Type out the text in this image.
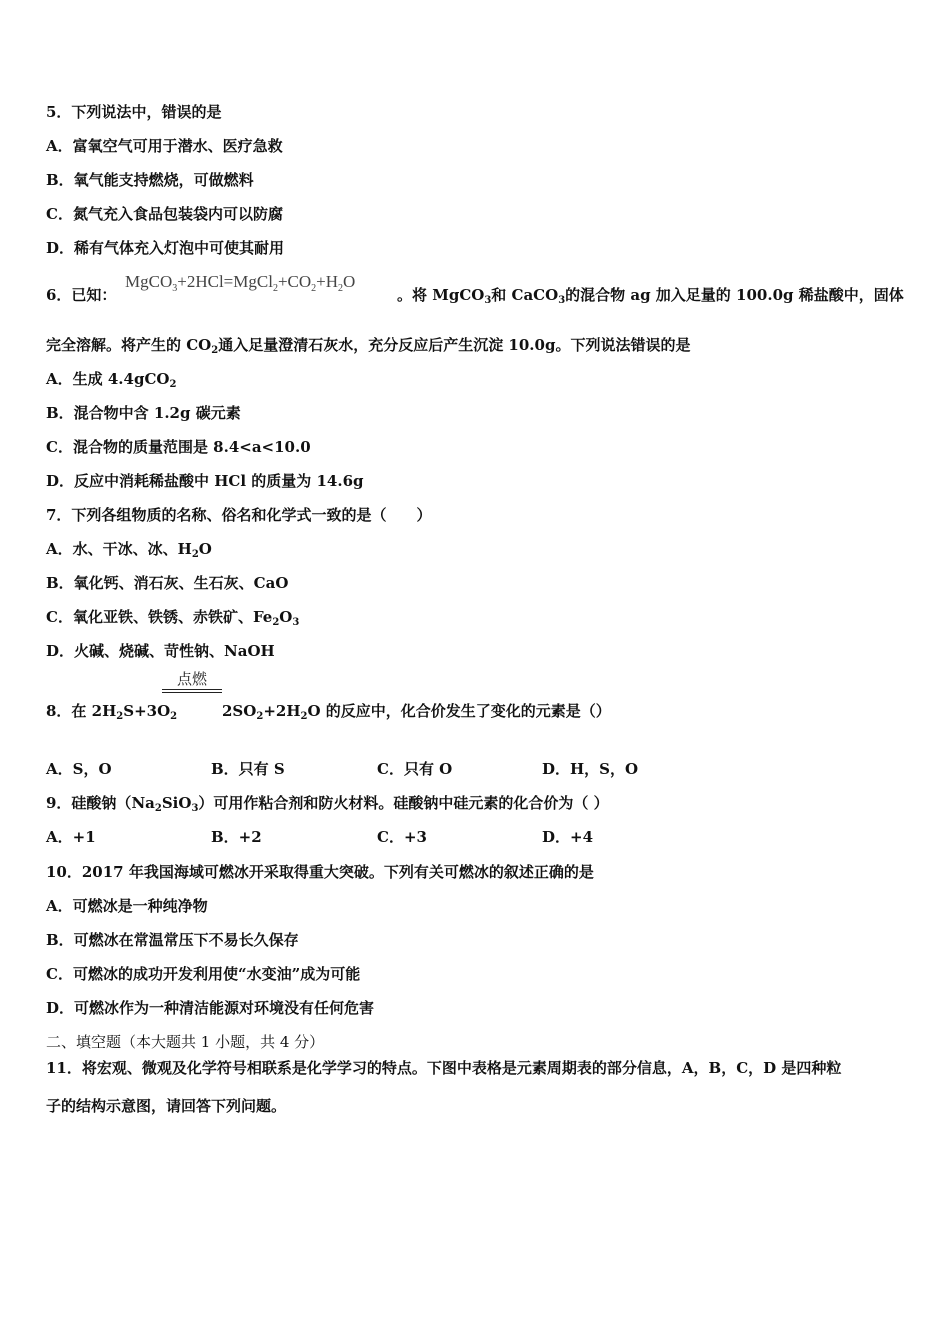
5．下列说法中，错误的是
A．富氧空气可用于潜水、医疗急救
B．氧气能支持燃烧，可做燃料
C．氮气充入食品包装袋内可以防腐
D．稀有气体充入灯泡中可使其耐用
6．已知：
$MgCO_3+2HCl=MgCl_2+CO_2+H_2O$
。将 MgCO$_3$和 CaCO$_3$的混合物 ag 加入足量的 100.0g 稀盐酸中，固体
完全溶解。将产生的 $CO_2$通入足量澄清石灰水，充分反应后产生沉淀 10.0g。下列说法错误的是
A．生成 4.4gCO$_2$
B．混合物中含 1.2g 碳元素
C．混合物的质量范围是 8.4<a<10.0
D．反应中消耗稀盐酸中 HCl 的质量为 14.6g
7．下列各组物质的名称、俗名和化学式一致的是（　　）
A．水、干冰、冰、$H_2O$
B．氧化钙、消石灰、生石灰、CaO
C．氧化亚铁、铁锈、赤铁矿、$Fe_2O_3$
D．火碱、烧碱、苛性钠、NaOH
点燃
8．在 $2H_2S+3O_2$	$2SO_2+2H_2O$ 的反应中，化合价发生了变化的元素是（）
A．S，O	B．只有 S	C．只有 O	D．H，S，O
9．硅酸钠$(Na_2SiO_3)$可用作粘合剂和防火材料。硅酸钠中硅元素的化合价为（ ）
A．+1	B．+2	C．+3	D．+4
10．2017 年我国海域可燃冰开采取得重大突破。下列有关可燃冰的叙述正确的是
A．可燃冰是一种纯净物
B．可燃冰在常温常压下不易长久保存
C．可燃冰的成功开发利用使“水变油”成为可能
D．可燃冰作为一种清洁能源对环境没有任何危害
二、填空题（本大题共 1 小题，共 4 分）
11．将宏观、微观及化学符号相联系是化学学习的特点。下图中表格是元素周期表的部分信息，A，B，C，D 是四种粒
子的结构示意图，请回答下列问题。
